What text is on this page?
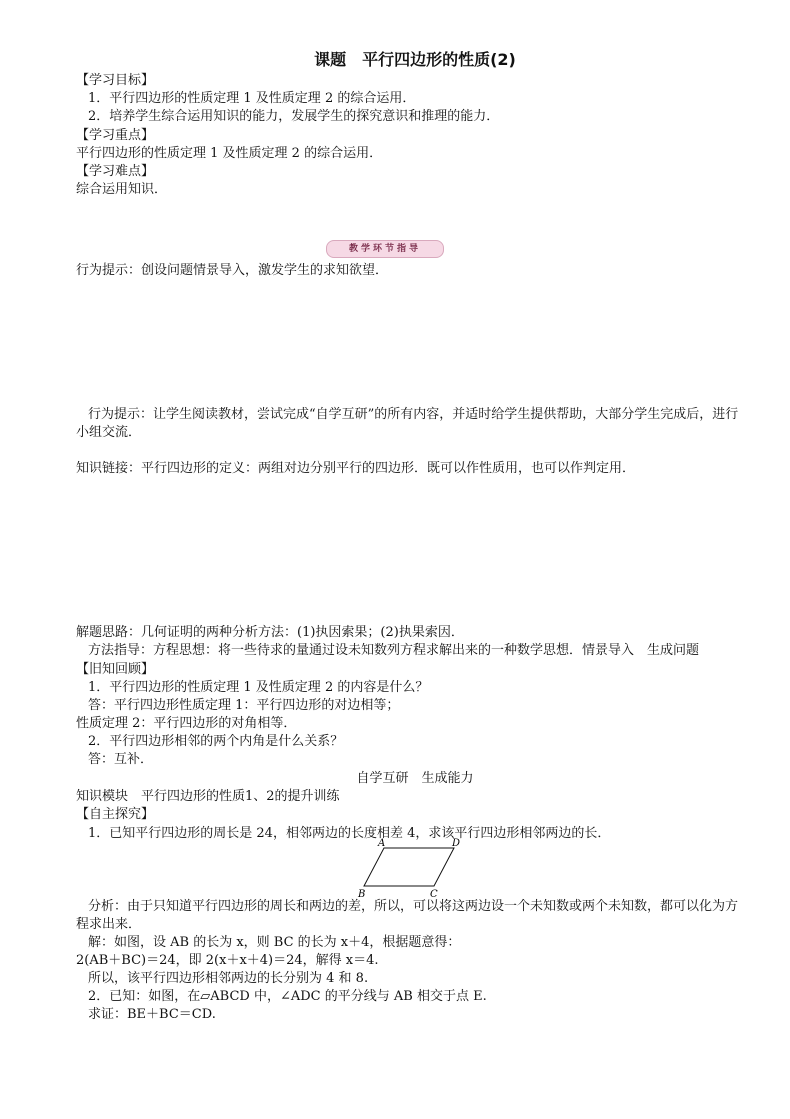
课题　平行四边形的性质(2)
【学习目标】
1．平行四边形的性质定理 1 及性质定理 2 的综合运用．
2．培养学生综合运用知识的能力，发展学生的探究意识和推理的能力．
【学习重点】
平行四边形的性质定理 1 及性质定理 2 的综合运用．
【学习难点】
综合运用知识．
教学环节指导
行为提示：创设问题情景导入，激发学生的求知欲望．
行为提示：让学生阅读教材，尝试完成“自学互研”的所有内容，并适时给学生提供帮助，大部分学生完成后，进行小组交流．
知识链接：平行四边形的定义：两组对边分别平行的四边形．既可以作性质用，也可以作判定用．
解题思路：几何证明的两种分析方法：(1)执因索果；(2)执果索因．
方法指导：方程思想：将一些待求的量通过设未知数列方程求解出来的一种数学思想．情景导入　生成问题
【旧知回顾】
1．平行四边形的性质定理 1 及性质定理 2 的内容是什么？
答：平行四边形性质定理 1：平行四边形的对边相等；
性质定理 2：平行四边形的对角相等．
2．平行四边形相邻的两个内角是什么关系？
答：互补．
自学互研　生成能力
知识模块　平行四边形的性质1、2的提升训练
【自主探究】
1．已知平行四边形的周长是 24，相邻两边的长度相差 4，求该平行四边形相邻两边的长．
A	D
B	C
分析：由于只知道平行四边形的周长和两边的差，所以，可以将这两边设一个未知数或两个未知数，都可以化为方程求出来．
解：如图，设 AB 的长为 x，则 BC 的长为 x＋4，根据题意得：
2(AB＋BC)＝24，即 2(x＋x＋4)＝24，解得 x＝4.
所以，该平行四边形相邻两边的长分别为 4 和 8.
2．已知：如图，在▱ABCD 中，∠ADC 的平分线与 AB 相交于点 E.
求证：BE＋BC＝CD.
